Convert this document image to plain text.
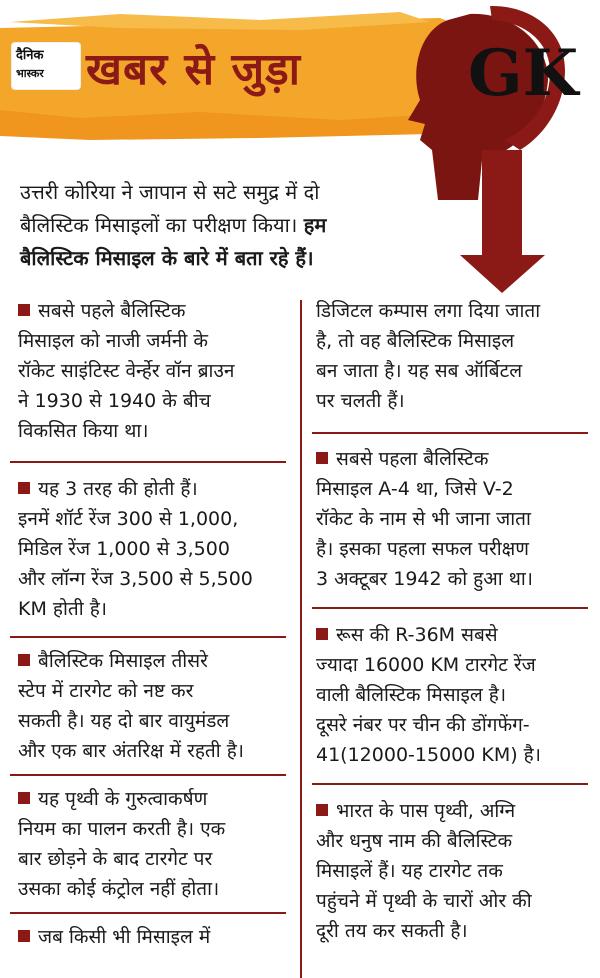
दैनिक
भास्कर खबर से जुड़ा	GK
उत्तरी कोरिया ने जापान से सटे समुद्र में दो
बैलिस्टिक मिसाइलों का परीक्षण किया। हम
बैलिस्टिक मिसाइल के बारे में बता रहे हैं।
सबसे पहले बैलिस्टिक
मिसाइल को नाजी जर्मनी के
रॉकेट साइंटिस्ट वेर्न्हेर वॉन ब्राउन
ने 1930 से 1940 के बीच
विकसित किया था।
यह 3 तरह की होती हैं।
इनमें शॉर्ट रेंज 300 से 1,000,
मिडिल रेंज 1,000 से 3,500
और लॉन्ग रेंज 3,500 से 5,500
KM होती है।
बैलिस्टिक मिसाइल तीसरे
स्टेप में टारगेट को नष्ट कर
सकती है। यह दो बार वायुमंडल
और एक बार अंतरिक्ष में रहती है।
यह पृथ्वी के गुरुत्वाकर्षण
नियम का पालन करती है। एक
बार छोड़ने के बाद टारगेट पर
उसका कोई कंट्रोल नहीं होता।
जब किसी भी मिसाइल में
डिजिटल कम्पास लगा दिया जाता
है, तो वह बैलिस्टिक मिसाइल
बन जाता है। यह सब ऑर्बिटल
पर चलती हैं।
सबसे पहला बैलिस्टिक
मिसाइल A-4 था, जिसे V-2
रॉकेट के नाम से भी जाना जाता
है। इसका पहला सफल परीक्षण
3 अक्टूबर 1942 को हुआ था।
रूस की R-36M सबसे
ज्यादा 16000 KM टारगेट रेंज
वाली बैलिस्टिक मिसाइल है।
दूसरे नंबर पर चीन की डोंगफेंग-
41(12000-15000 KM) है।
भारत के पास पृथ्वी, अग्नि
और धनुष नाम की बैलिस्टिक
मिसाइलें हैं। यह टारगेट तक
पहुंचने में पृथ्वी के चारों ओर की
दूरी तय कर सकती है।
